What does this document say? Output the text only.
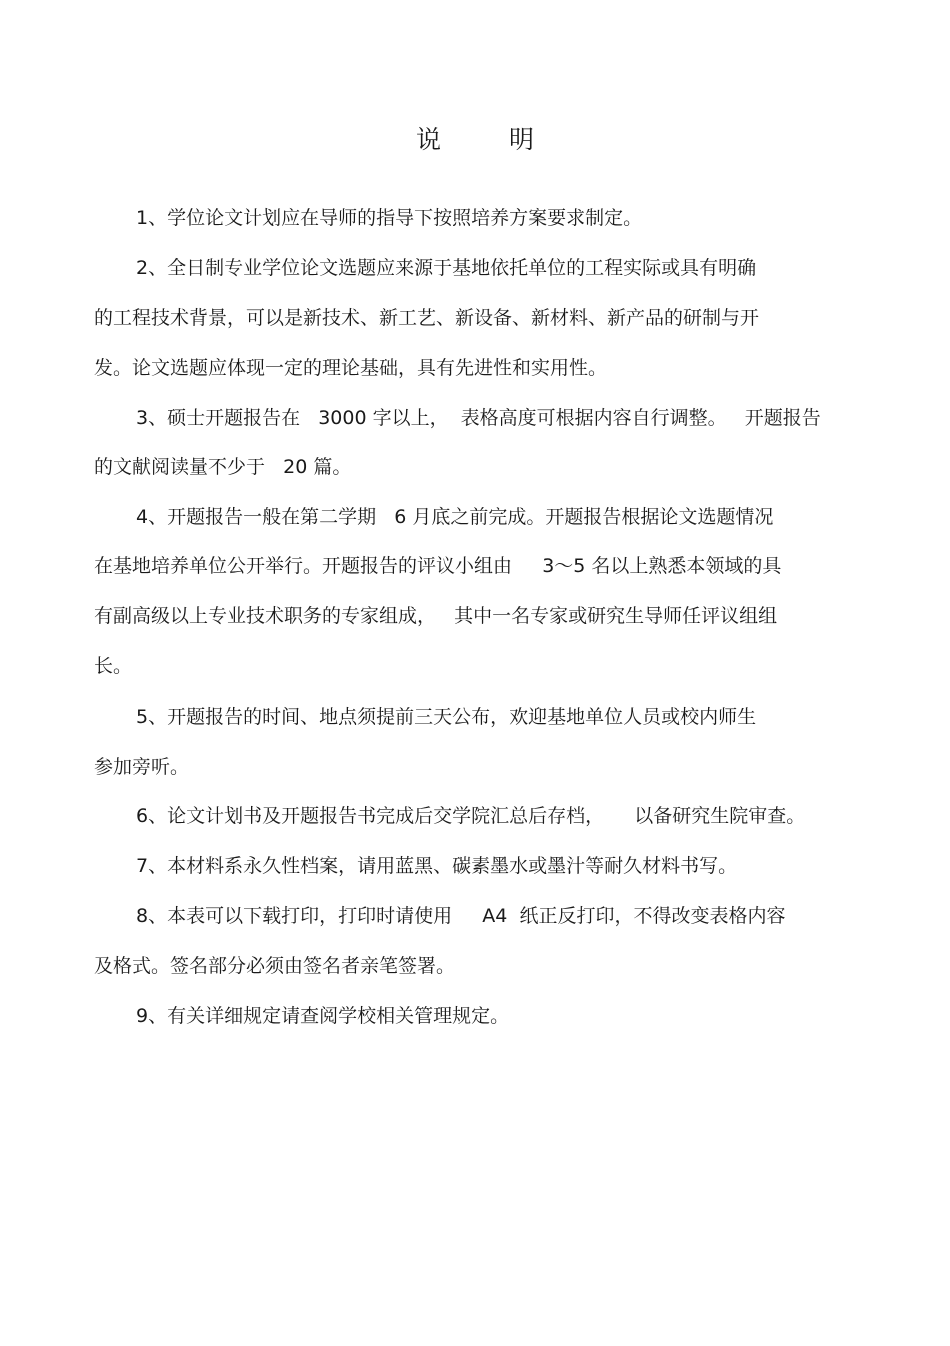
说 明
1、学位论文计划应在导师的指导下按照培养方案要求制定。
2、全日制专业学位论文选题应来源于基地依托单位的工程实际或具有明确
的工程技术背景，可以是新技术、新工艺、新设备、新材料、新产品的研制与开
发。论文选题应体现一定的理论基础，具有先进性和实用性。
3、硕士开题报告在   3000 字以上，  表格高度可根据内容自行调整。   开题报告
的文献阅读量不少于   20 篇。
4、开题报告一般在第二学期   6 月底之前完成。开题报告根据论文选题情况
在基地培养单位公开举行。开题报告的评议小组由     3～5 名以上熟悉本领域的具
有副高级以上专业技术职务的专家组成，   其中一名专家或研究生导师任评议组组
长。
5、开题报告的时间、地点须提前三天公布，欢迎基地单位人员或校内师生
参加旁听。
6、论文计划书及开题报告书完成后交学院汇总后存档，     以备研究生院审查。
7、本材料系永久性档案，请用蓝黑、碳素墨水或墨汁等耐久材料书写。
8、本表可以下载打印，打印时请使用     A4  纸正反打印，不得改变表格内容
及格式。签名部分必须由签名者亲笔签署。
9、有关详细规定请查阅学校相关管理规定。
